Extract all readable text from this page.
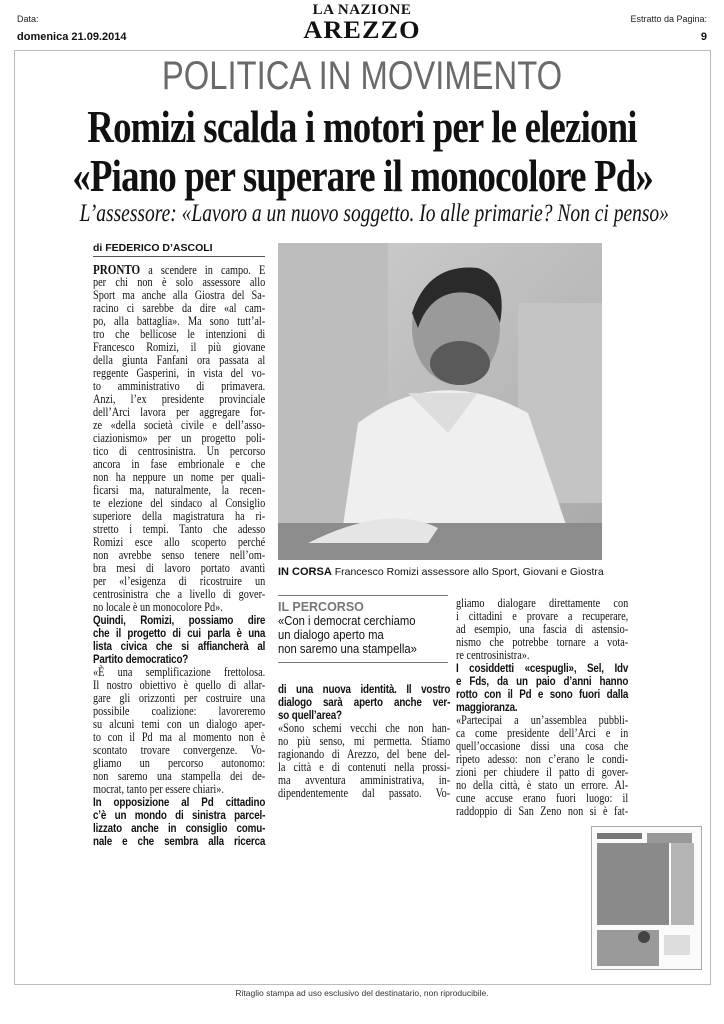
Data:
domenica 21.09.2014
LA NAZIONE
AREZZO	Estratto da Pagina:
9
POLITICA IN MOVIMENTO
Romizi scalda i motori per le elezioni
«Piano per superare il monocolore Pd»
L’assessore: «Lavoro a un nuovo soggetto. Io alle primarie? Non ci penso»
di FEDERICO D’ASCOLI
PRONTO a scendere in campo. E
per chi non è solo assessore allo
Sport ma anche alla Giostra del Sa-
racino ci sarebbe da dire «al cam-
po, alla battaglia». Ma sono tutt’al-
tro che bellicose le intenzioni di
Francesco Romizi, il più giovane
della giunta Fanfani ora passata al
reggente Gasperini, in vista del vo-
to amministrativo di primavera.
Anzi, l’ex presidente provinciale
dell’Arci lavora per aggregare for-
ze «della società civile e dell’asso-
ciazionismo» per un progetto poli-
tico di centrosinistra. Un percorso
ancora in fase embrionale e che
non ha neppure un nome per quali-
ficarsi ma, naturalmente, la recen-
te elezione del sindaco al Consiglio
superiore della magistratura ha ri-
stretto i tempi. Tanto che adesso
Romizi esce allo scoperto perché
non avrebbe senso tenere nell’om-
bra mesi di lavoro portato avanti
per «l’esigenza di ricostruire un
centrosinistra che a livello di gover-
no locale è un monocolore Pd».
Quindi, Romizi, possiamo dire
che il progetto di cui parla è una
lista civica che si affiancherà al
Partito democratico?
«È una semplificazione frettolosa.
Il nostro obiettivo è quello di allar-
gare gli orizzonti per costruire una
possibile coalizione: lavoreremo
su alcuni temi con un dialogo aper-
to con il Pd ma al momento non è
scontato trovare convergenze. Vo-
gliamo un percorso autonomo:
non saremo una stampella dei de-
mocrat, tanto per essere chiari».
In opposizione al Pd cittadino
c’è un mondo di sinistra parcel-
lizzato anche in consiglio comu-
nale e che sembra alla ricerca
IN CORSA Francesco Romizi assessore allo Sport, Giovani e Giostra
IL PERCORSO
«Con i democrat cerchiamo
un dialogo aperto ma
non saremo una stampella»
di una nuova identità. Il vostro
dialogo sarà aperto anche ver-
so quell’area?
«Sono schemi vecchi che non han-
no più senso, mi permetta. Stiamo
ragionando di Arezzo, del bene del-
la città e di contenuti nella prossi-
ma avventura amministrativa, in-
dipendentemente dal passato. Vo-
gliamo dialogare direttamente con
i cittadini e provare a recuperare,
ad esempio, una fascia di astensio-
nismo che potrebbe tornare a vota-
re centrosinistra».
I cosiddetti «cespugli», Sel, Idv
e Fds, da un paio d’anni hanno
rotto con il Pd e sono fuori dalla
maggioranza.
«Partecipai a un’assemblea pubbli-
ca come presidente dell’Arci e in
quell’occasione dissi una cosa che
ripeto adesso: non c’erano le condi-
zioni per chiudere il patto di gover-
no della città, è stato un errore. Al-
cune accuse erano fuori luogo: il
raddoppio di San Zeno non si è fat-
Ritaglio stampa ad uso esclusivo del destinatario, non riproducibile.
